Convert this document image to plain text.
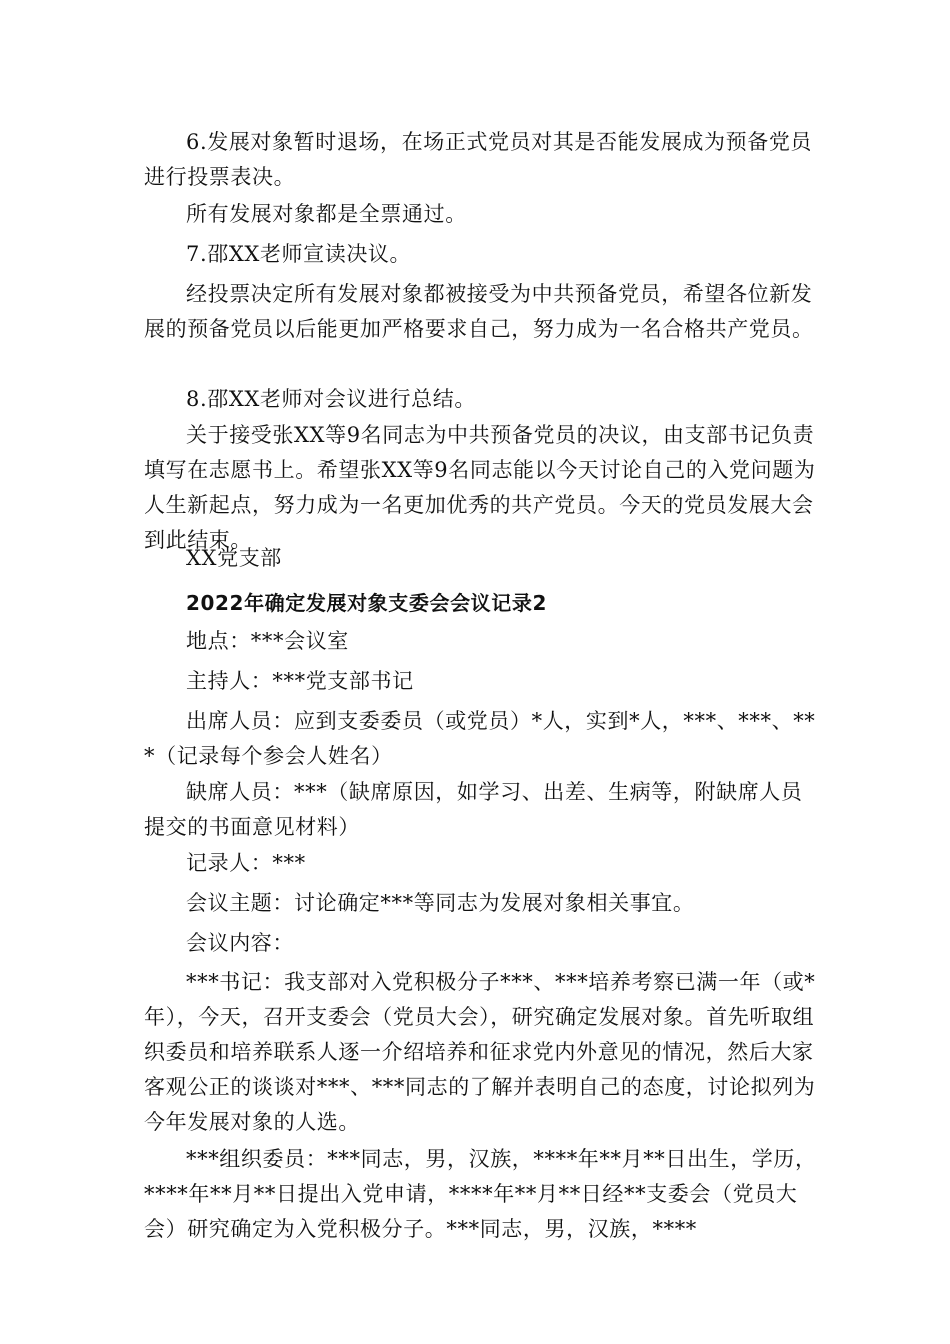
6.发展对象暂时退场，在场正式党员对其是否能发展成为预备党员进行投票表决。

所有发展对象都是全票通过。

7.邵XX老师宣读决议。

经投票决定所有发展对象都被接受为中共预备党员，希望各位新发展的预备党员以后能更加严格要求自己，努力成为一名合格共产党员。

8.邵XX老师对会议进行总结。

关于接受张XX等9名同志为中共预备党员的决议，由支部书记负责填写在志愿书上。希望张XX等9名同志能以今天讨论自己的入党问题为人生新起点，努力成为一名更加优秀的共产党员。今天的党员发展大会到此结束。

XX党支部

2022年确定发展对象支委会会议记录2

地点：***会议室

主持人：***党支部书记

出席人员：应到支委委员（或党员）*人，实到*人，***、***、***（记录每个参会人姓名）

缺席人员：***（缺席原因，如学习、出差、生病等，附缺席人员提交的书面意见材料）

记录人：***

会议主题：讨论确定***等同志为发展对象相关事宜。

会议内容：

***书记：我支部对入党积极分子***、***培养考察已满一年（或*年），今天，召开支委会（党员大会），研究确定发展对象。首先听取组织委员和培养联系人逐一介绍培养和征求党内外意见的情况，然后大家客观公正的谈谈对***、***同志的了解并表明自己的态度，讨论拟列为今年发展对象的人选。

***组织委员：***同志，男，汉族，****年**月**日出生，学历，****年**月**日提出入党申请，****年**月**日经**支委会（党员大会）研究确定为入党积极分子。***同志，男，汉族，****
